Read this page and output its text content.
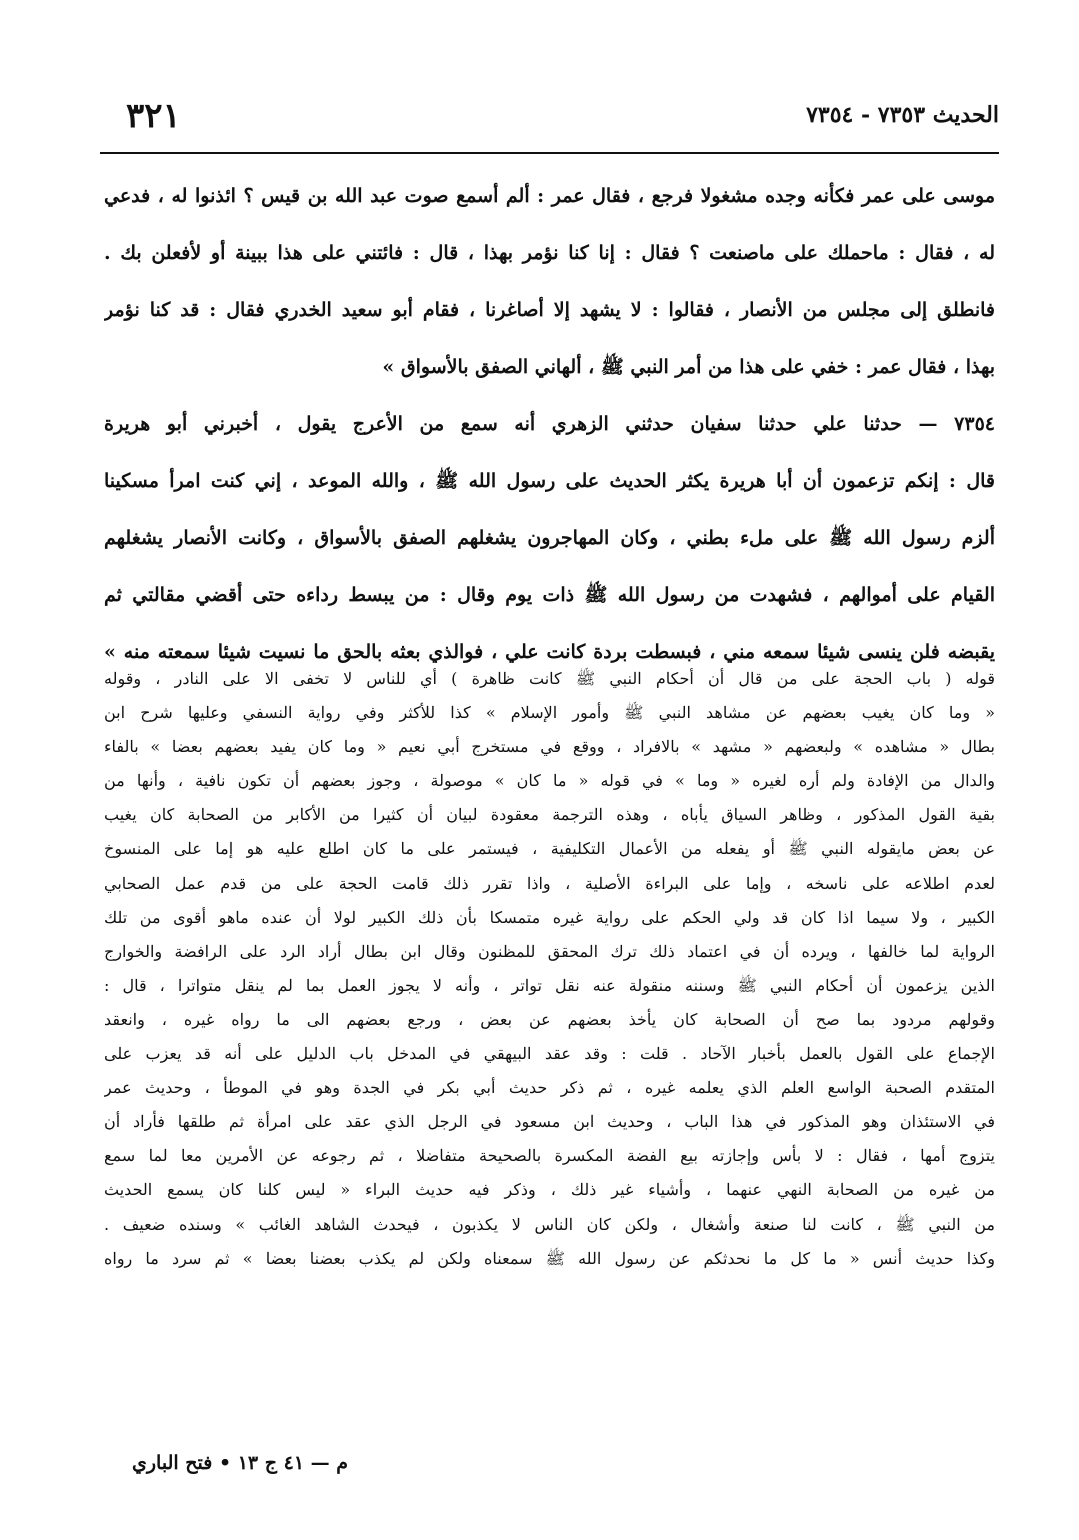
الحديث ٧٣٥٣ - ٧٣٥٤
٣٢١
موسى على عمر فكأنه وجده مشغولا فرجع ، فقال عمر : ألم أسمع صوت عبد الله بن قيس ؟ ائذنوا له ، فدعي
له ، فقال : ماحملك على ماصنعت ؟ فقال : إنا كنا نؤمر بهذا ، قال : فائتني على هذا ببينة أو لأفعلن بك .
فانطلق إلى مجلس من الأنصار ، فقالوا : لا يشهد إلا أصاغرنا ، فقام أبو سعيد الخدري فقال : قد كنا نؤمر
بهذا ، فقال عمر : خفي على هذا من أمر النبي ﷺ ، ألهاني الصفق بالأسواق »
٧٣٥٤ — حدثنا علي حدثنا سفيان حدثني الزهري أنه سمع من الأعرج يقول ، أخبرني أبو هريرة
قال : إنكم تزعمون أن أبا هريرة يكثر الحديث على رسول الله ﷺ ، والله الموعد ، إني كنت امرأ مسكينا
ألزم رسول الله ﷺ على ملء بطني ، وكان المهاجرون يشغلهم الصفق بالأسواق ، وكانت الأنصار يشغلهم
القيام على أموالهم ، فشهدت من رسول الله ﷺ ذات يوم وقال : من يبسط رداءه حتى أقضي مقالتي ثم
يقبضه فلن ينسى شيئا سمعه مني ، فبسطت بردة كانت علي ، فوالذي بعثه بالحق ما نسيت شيئا سمعته منه »
قوله ( باب الحجة على من قال أن أحكام النبي ﷺ كانت ظاهرة ) أي للناس لا تخفى الا على النادر ، وقوله
« وما كان يغيب بعضهم عن مشاهد النبي ﷺ وأمور الإسلام » كذا للأكثر وفي رواية النسفي وعليها شرح ابن
بطال « مشاهده » ولبعضهم « مشهد » بالافراد ، ووقع في مستخرج أبي نعيم « وما كان يفيد بعضهم بعضا » بالفاء
والدال من الإفادة ولم أره لغيره « وما » في قوله « ما كان » موصولة ، وجوز بعضهم أن تكون نافية ، وأنها من
بقية القول المذكور ، وظاهر السياق يأباه ، وهذه الترجمة معقودة لبيان أن كثيرا من الأكابر من الصحابة كان يغيب
عن بعض مايقوله النبي ﷺ أو يفعله من الأعمال التكليفية ، فيستمر على ما كان اطلع عليه هو إما على المنسوخ
لعدم اطلاعه على ناسخه ، وإما على البراءة الأصلية ، واذا تقرر ذلك قامت الحجة على من قدم عمل الصحابي
الكبير ، ولا سيما اذا كان قد ولي الحكم على رواية غيره متمسكا بأن ذلك الكبير لولا أن عنده ماهو أقوى من تلك
الرواية لما خالفها ، ويرده أن في اعتماد ذلك ترك المحقق للمظنون وقال ابن بطال أراد الرد على الرافضة والخوارج
الذين يزعمون أن أحكام النبي ﷺ وسننه منقولة عنه نقل تواتر ، وأنه لا يجوز العمل بما لم ينقل متواترا ، قال :
وقولهم مردود بما صح أن الصحابة كان يأخذ بعضهم عن بعض ، ورجع بعضهم الى ما رواه غيره ، وانعقد
الإجماع على القول بالعمل بأخبار الآحاد . قلت : وقد عقد البيهقي في المدخل باب الدليل على أنه قد يعزب على
المتقدم الصحبة الواسع العلم الذي يعلمه غيره ، ثم ذكر حديث أبي بكر في الجدة وهو في الموطأ ، وحديث عمر
في الاستئذان وهو المذكور في هذا الباب ، وحديث ابن مسعود في الرجل الذي عقد على امرأة ثم طلقها فأراد أن
يتزوج أمها ، فقال : لا بأس وإجازته بيع الفضة المكسرة بالصحيحة متفاضلا ، ثم رجوعه عن الأمرين معا لما سمع
من غيره من الصحابة النهي عنهما ، وأشياء غير ذلك ، وذكر فيه حديث البراء « ليس كلنا كان يسمع الحديث
من النبي ﷺ ، كانت لنا صنعة وأشغال ، ولكن كان الناس لا يكذبون ، فيحدث الشاهد الغائب » وسنده ضعيف .
وكذا حديث أنس « ما كل ما نحدثكم عن رسول الله ﷺ سمعناه ولكن لم يكذب بعضنا بعضا » ثم سرد ما رواه
م — ٤١ ج ١٣ • فتح الباري
